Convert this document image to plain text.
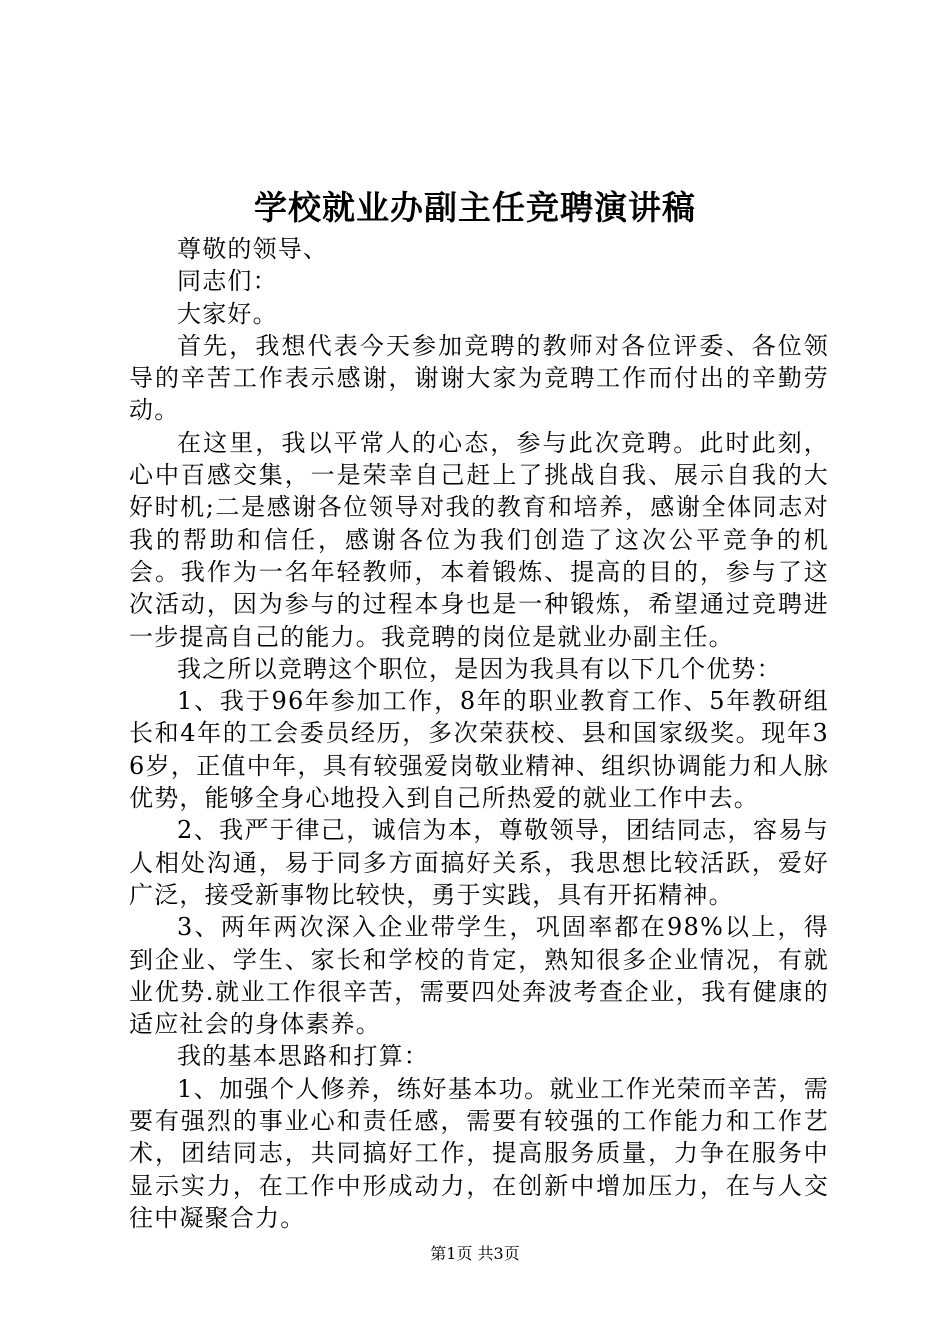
学校就业办副主任竞聘演讲稿

尊敬的领导、

同志们：

大家好。

首先，我想代表今天参加竞聘的教师对各位评委、各位领导的辛苦工作表示感谢，谢谢大家为竞聘工作而付出的辛勤劳动。

在这里，我以平常人的心态，参与此次竞聘。此时此刻，心中百感交集，一是荣幸自己赶上了挑战自我、展示自我的大好时机;二是感谢各位领导对我的教育和培养，感谢全体同志对我的帮助和信任，感谢各位为我们创造了这次公平竞争的机会。我作为一名年轻教师，本着锻炼、提高的目的，参与了这次活动，因为参与的过程本身也是一种锻炼，希望通过竞聘进一步提高自己的能力。我竞聘的岗位是就业办副主任。

我之所以竞聘这个职位，是因为我具有以下几个优势：

1、我于96年参加工作，8年的职业教育工作、5年教研组长和4年的工会委员经历，多次荣获校、县和国家级奖。现年36岁，正值中年，具有较强爱岗敬业精神、组织协调能力和人脉优势，能够全身心地投入到自己所热爱的就业工作中去。

2、我严于律己，诚信为本，尊敬领导，团结同志，容易与人相处沟通，易于同多方面搞好关系，我思想比较活跃，爱好广泛，接受新事物比较快，勇于实践，具有开拓精神。

3、两年两次深入企业带学生，巩固率都在98%以上，得到企业、学生、家长和学校的肯定，熟知很多企业情况，有就业优势.就业工作很辛苦，需要四处奔波考查企业，我有健康的适应社会的身体素养。

我的基本思路和打算：

1、加强个人修养，练好基本功。就业工作光荣而辛苦，需要有强烈的事业心和责任感，需要有较强的工作能力和工作艺术，团结同志，共同搞好工作，提高服务质量，力争在服务中显示实力，在工作中形成动力，在创新中增加压力，在与人交往中凝聚合力。

第1页 共3页
